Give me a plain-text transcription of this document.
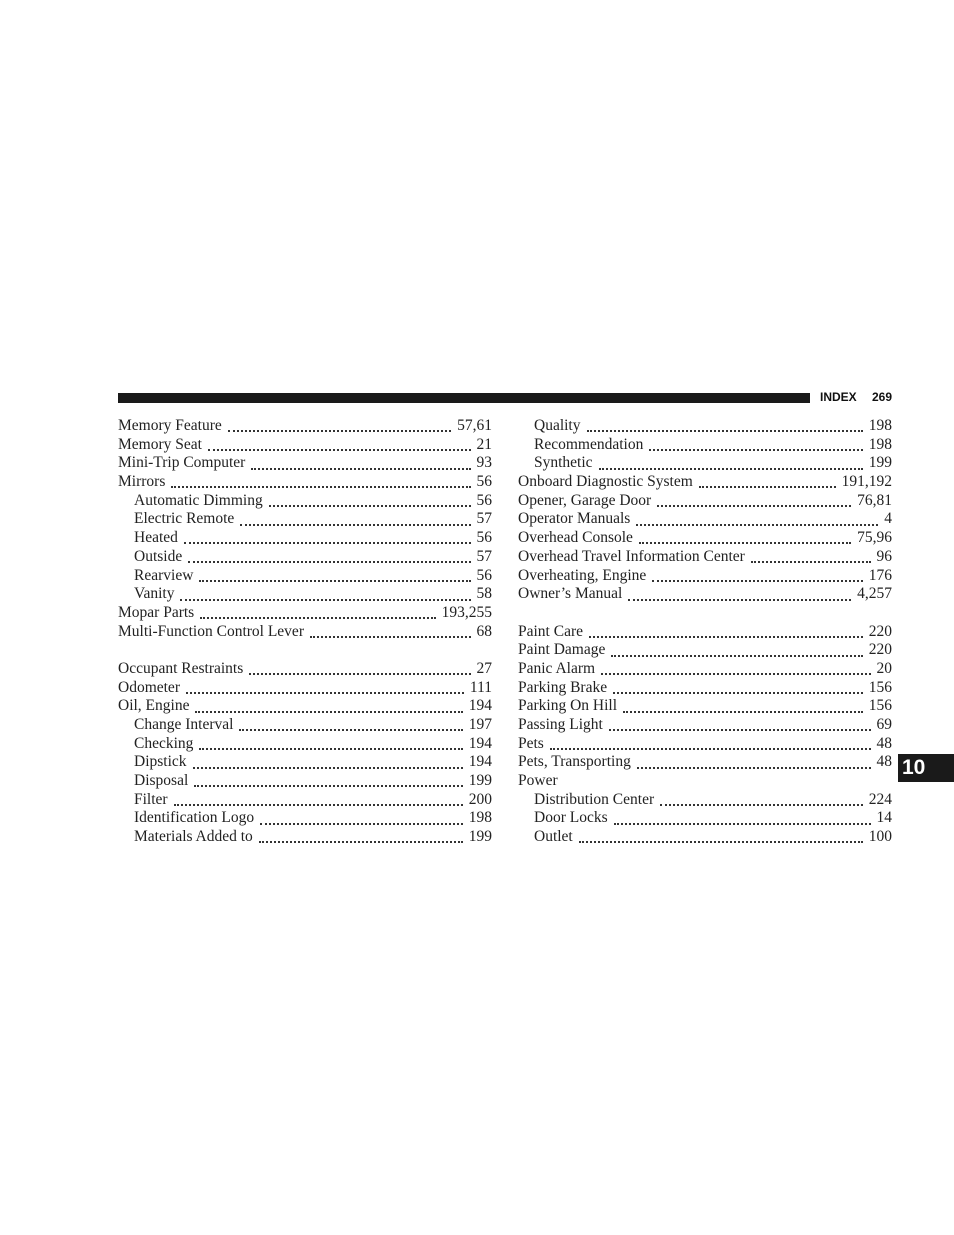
INDEX 269
Memory Feature	57,61
Memory Seat	21
Mini-Trip Computer	93
Mirrors	56
Automatic Dimming	56
Electric Remote	57
Heated	56
Outside	57
Rearview	56
Vanity	58
Mopar Parts	193,255
Multi-Function Control Lever	68
Occupant Restraints	27
Odometer	111
Oil, Engine	194
Change Interval	197
Checking	194
Dipstick	194
Disposal	199
Filter	200
Identification Logo	198
Materials Added to	199
Quality	198
Recommendation	198
Synthetic	199
Onboard Diagnostic System	191,192
Opener, Garage Door	76,81
Operator Manuals	4
Overhead Console	75,96
Overhead Travel Information Center	96
Overheating, Engine	176
Owner’s Manual	4,257
Paint Care	220
Paint Damage	220
Panic Alarm	20
Parking Brake	156
Parking On Hill	156
Passing Light	69
Pets	48
Pets, Transporting	48
Power
Distribution Center	224
Door Locks	14
Outlet	100
10
